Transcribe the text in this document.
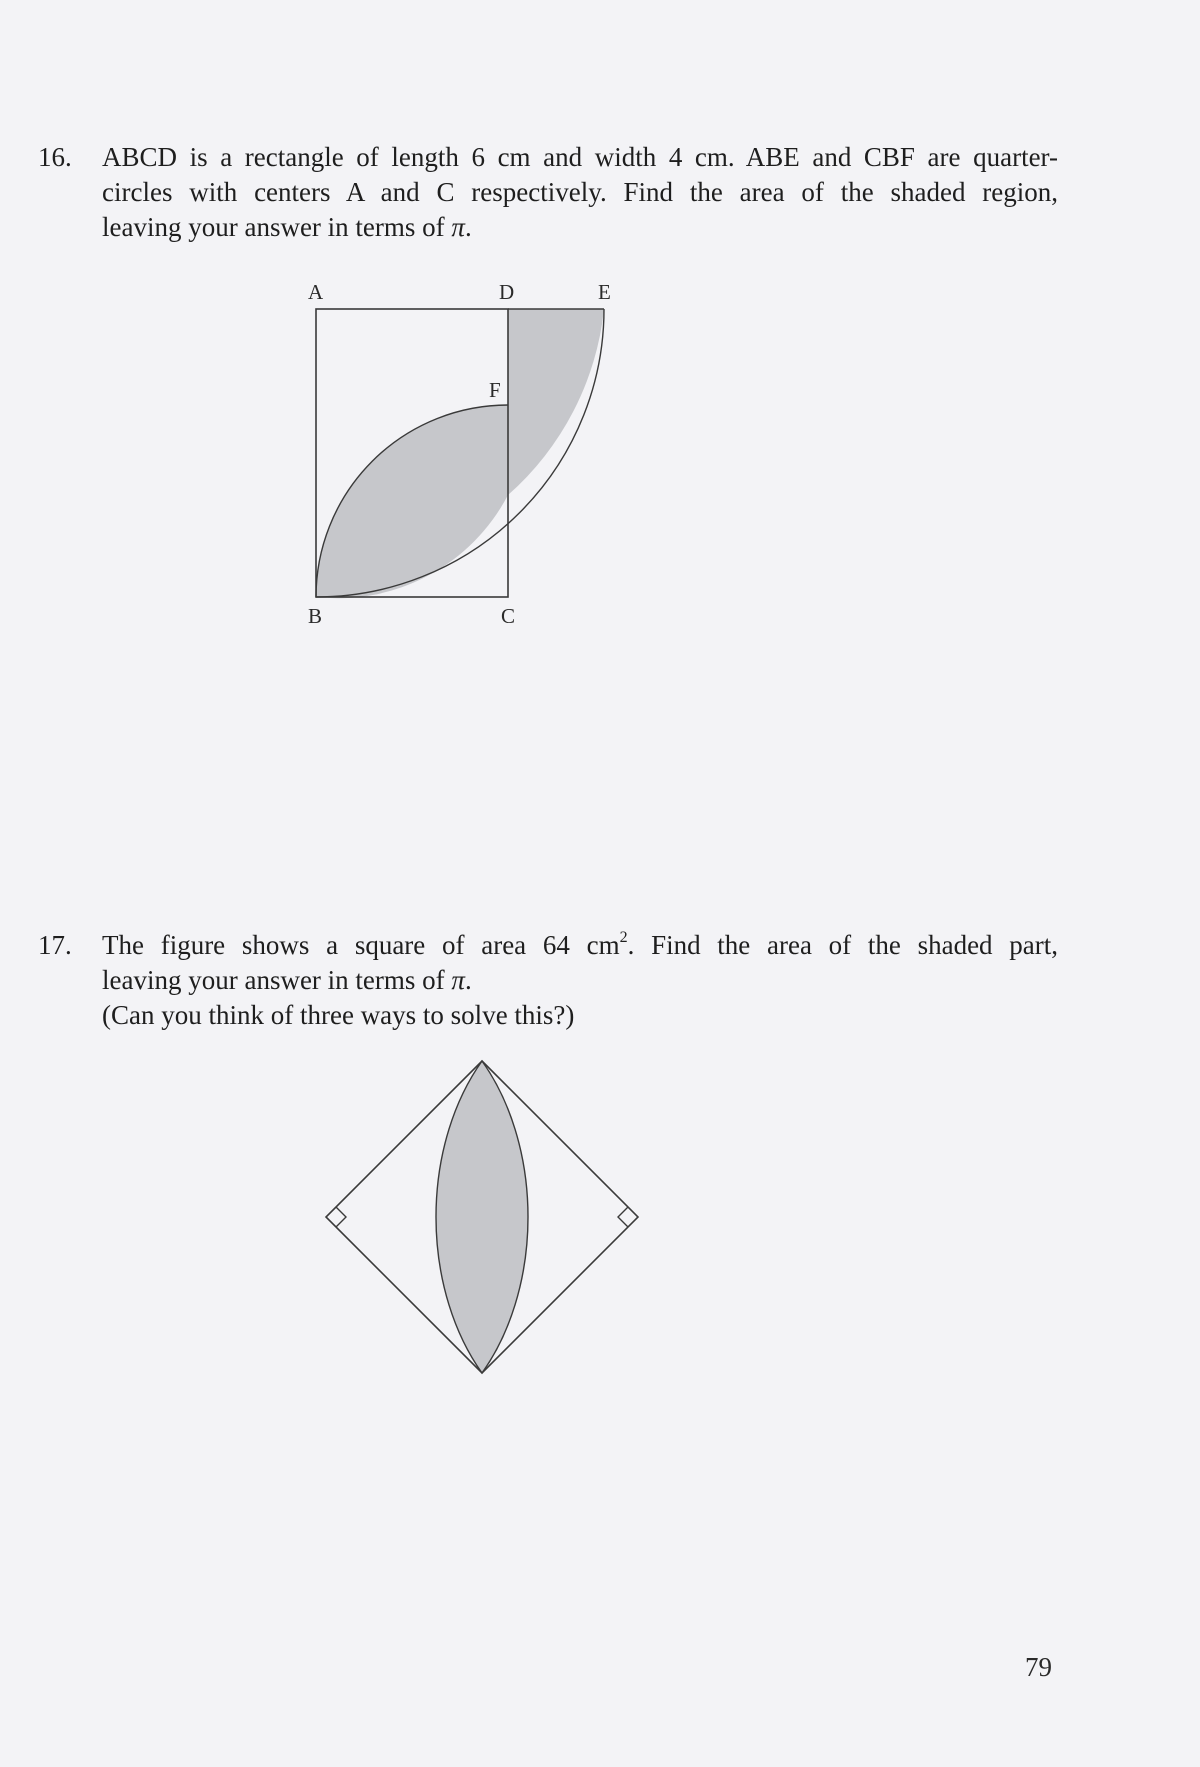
16.	ABCD is a rectangle of length 6 cm and width 4 cm. ABE and CBF are quarter-
circles with centers A and C respectively. Find the area of the shaded region,
leaving your answer in terms of π.
A	D	E
F
B	C
17.	The figure shows a square of area 64 $cm^2$. Find the area of the shaded part,
leaving your answer in terms of π.
(Can you think of three ways to solve this?)
79
